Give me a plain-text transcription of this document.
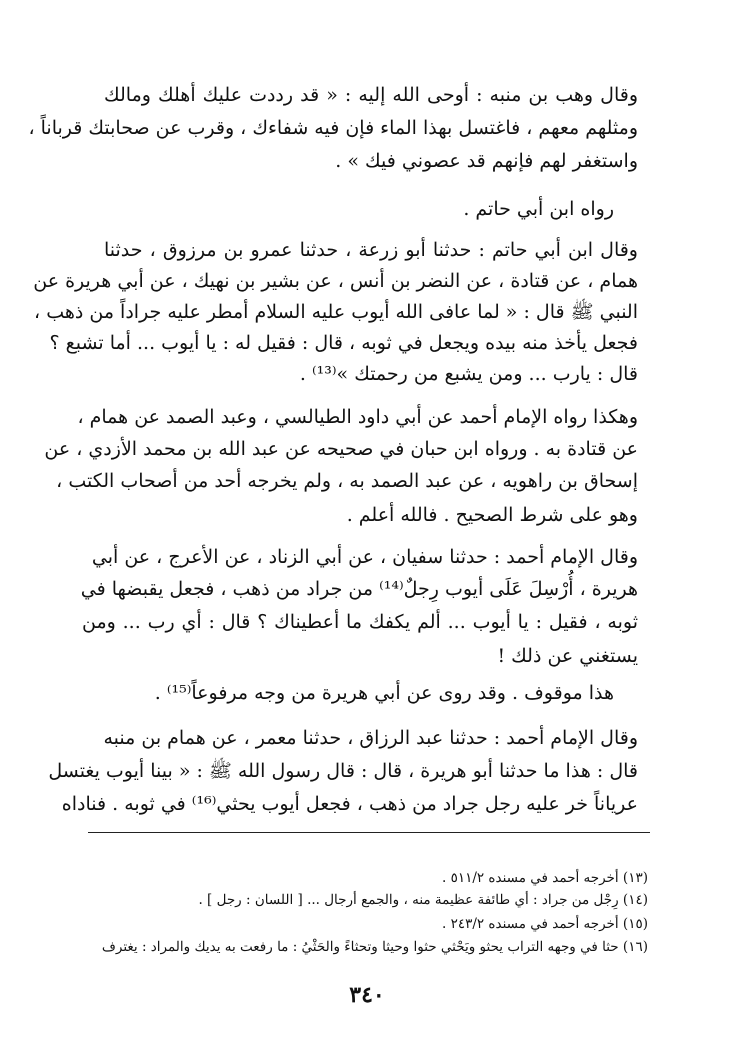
وقال وهب بن منبه : أوحى الله إليه : « قد رددت عليك أهلك ومالك
ومثلهم معهم ، فاغتسل بهذا الماء فإن فيه شفاءك ، وقرب عن صحابتك قرباناً ،
واستغفر لهم فإنهم قد عصوني فيك » .
رواه ابن أبي حاتم .
وقال ابن أبي حاتم : حدثنا أبو زرعة ، حدثنا عمرو بن مرزوق ، حدثنا
همام ، عن قتادة ، عن النضر بن أنس ، عن بشير بن نهيك ، عن أبي هريرة عن
النبي ﷺ قال : « لما عافى الله أيوب عليه السلام أمطر عليه جراداً من ذهب ،
فجعل يأخذ منه بيده ويجعل في ثوبه ، قال : فقيل له : يا أيوب ... أما تشبع ؟
قال : يارب ... ومن يشبع من رحمتك »⁽¹³⁾ .
وهكذا رواه الإمام أحمد عن أبي داود الطيالسي ، وعبد الصمد عن همام ،
عن قتادة به . ورواه ابن حبان في صحيحه عن عبد الله بن محمد الأزدي ، عن
إسحاق بن راهويه ، عن عبد الصمد به ، ولم يخرجه أحد من أصحاب الكتب ،
وهو على شرط الصحيح . فالله أعلم .
وقال الإمام أحمد : حدثنا سفيان ، عن أبي الزناد ، عن الأعرج ، عن أبي
هريرة ، أُرْسِلَ عَلَى أيوب رِجلٌ⁽¹⁴⁾ من جراد من ذهب ، فجعل يقبضها في
ثوبه ، فقيل : يا أيوب ... ألم يكفك ما أعطيناك ؟ قال : أي رب ... ومن
يستغني عن ذلك !
هذا موقوف . وقد روى عن أبي هريرة من وجه مرفوعاً⁽¹⁵⁾ .
وقال الإمام أحمد : حدثنا عبد الرزاق ، حدثنا معمر ، عن همام بن منبه
قال : هذا ما حدثنا أبو هريرة ، قال : قال رسول الله ﷺ : « بينا أيوب يغتسل
عرياناً خر عليه رجل جراد من ذهب ، فجعل أيوب يحثي⁽¹⁶⁾ في ثوبه . فناداه
(١٣) أخرجه أحمد في مسنده ٥١١/٢ .
(١٤) رِجْل من جراد : أي طائفة عظيمة منه ، والجمع أرجال ... [ اللسان : رجل ] .
(١٥) أخرجه أحمد في مسنده ٢٤٣/٢ .
(١٦) حثا في وجهه التراب يحثو ويَحْثي حثوا وحيثا وتحثاءً والحَثْيُ : ما رفعت به يديك والمراد : يغترف
٣٤٠
